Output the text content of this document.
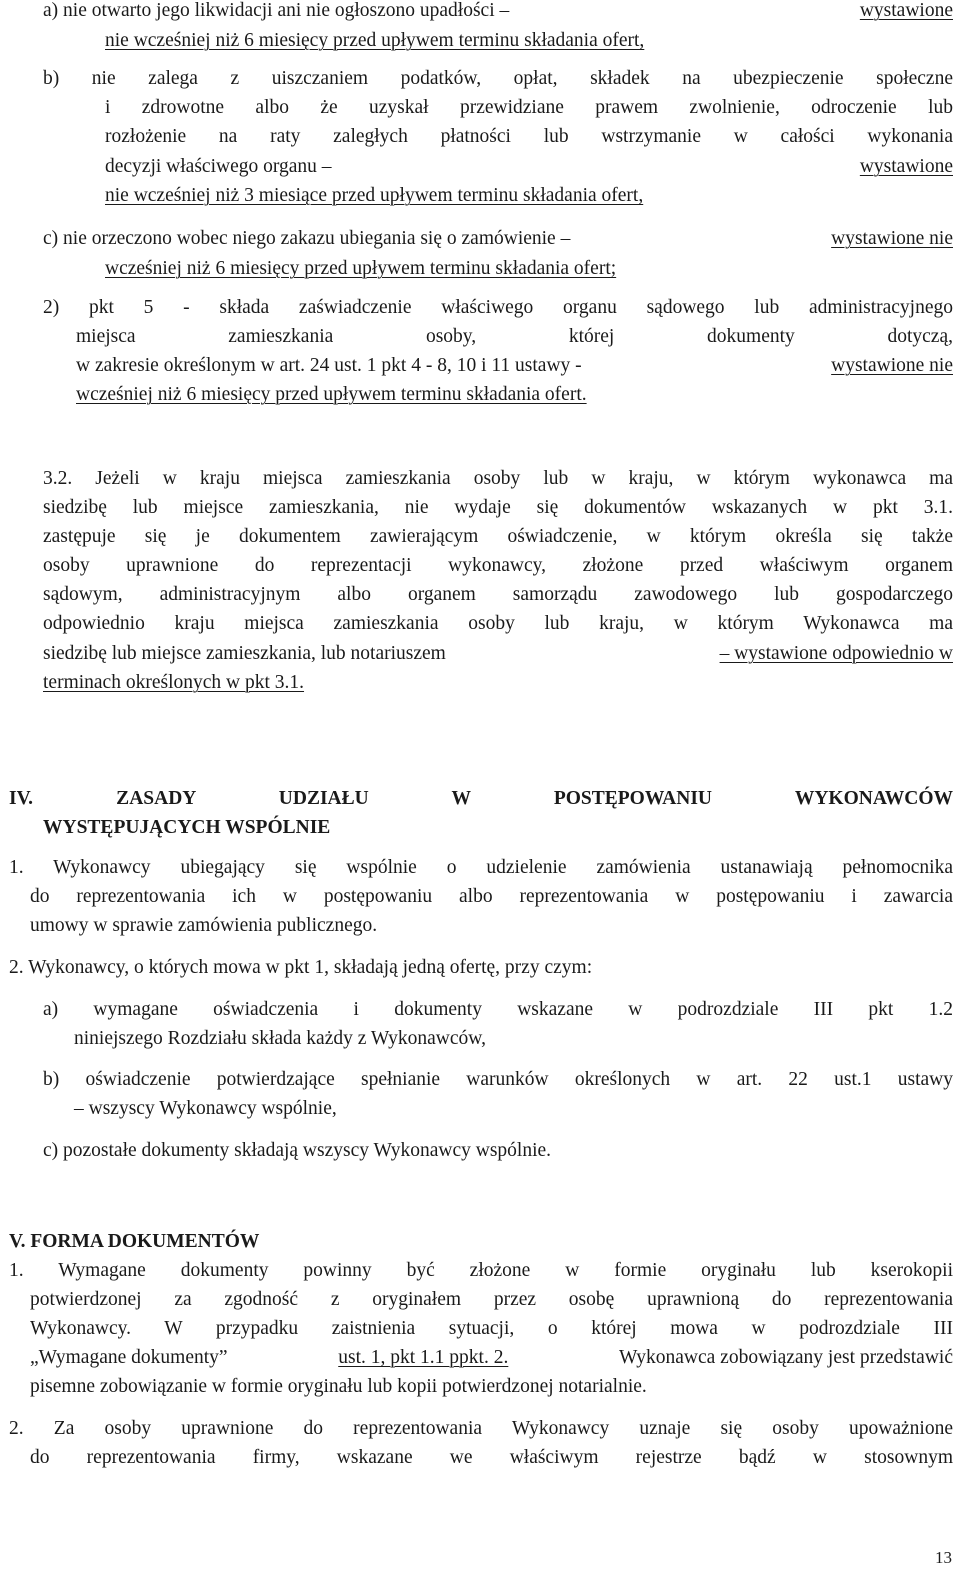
a) nie otwarto jego likwidacji ani nie ogłoszono upadłości –	wystawione
nie wcześniej niż 6 miesięcy przed upływem terminu składania ofert,
b) nie zalega z uiszczaniem podatków, opłat, składek na ubezpieczenie społeczne
i zdrowotne albo że uzyskał przewidziane prawem zwolnienie, odroczenie lub
rozłożenie na raty zaległych płatności lub wstrzymanie w całości wykonania
decyzji właściwego organu –	wystawione
nie wcześniej niż 3 miesiące przed upływem terminu składania ofert,
c) nie orzeczono wobec niego zakazu ubiegania się o zamówienie –	wystawione nie
wcześniej niż 6 miesięcy przed upływem terminu składania ofert;
2) pkt 5 - składa zaświadczenie właściwego organu sądowego lub administracyjnego
miejsca zamieszkania osoby, której dokumenty dotyczą,
w zakresie określonym w art. 24 ust. 1 pkt 4 - 8, 10 i 11 ustawy -	wystawione nie
wcześniej niż 6 miesięcy przed upływem terminu składania ofert.
3.2. Jeżeli w kraju miejsca zamieszkania osoby lub w kraju, w którym wykonawca ma
siedzibę lub miejsce zamieszkania, nie wydaje się dokumentów wskazanych w pkt 3.1.
zastępuje się je dokumentem zawierającym oświadczenie, w którym określa się także
osoby uprawnione do reprezentacji wykonawcy, złożone przed właściwym organem
sądowym, administracyjnym albo organem samorządu zawodowego lub gospodarczego
odpowiednio kraju miejsca zamieszkania osoby lub kraju, w którym Wykonawca ma
siedzibę lub miejsce zamieszkania, lub notariuszem	– wystawione odpowiednio w
terminach określonych w pkt 3.1.
IV. ZASADY UDZIAŁU W POSTĘPOWANIU WYKONAWCÓW
WYSTĘPUJĄCYCH WSPÓLNIE
1. Wykonawcy ubiegający się wspólnie o udzielenie zamówienia ustanawiają pełnomocnika
do reprezentowania ich w postępowaniu albo reprezentowania w postępowaniu i zawarcia
umowy w sprawie zamówienia publicznego.
2. Wykonawcy, o których mowa w pkt 1, składają jedną ofertę, przy czym:
a) wymagane oświadczenia i dokumenty wskazane w podrozdziale III pkt 1.2
niniejszego Rozdziału składa każdy z Wykonawców,
b) oświadczenie potwierdzające spełnianie warunków określonych w art. 22 ust.1 ustawy
– wszyscy Wykonawcy wspólnie,
c) pozostałe dokumenty składają wszyscy Wykonawcy wspólnie.
V. FORMA DOKUMENTÓW
1. Wymagane dokumenty powinny być złożone w formie oryginału lub kserokopii
potwierdzonej za zgodność z oryginałem przez osobę uprawnioną do reprezentowania
Wykonawcy. W przypadku zaistnienia sytuacji, o której mowa w podrozdziale III
„Wymagane dokumenty”	ust. 1, pkt 1.1 ppkt. 2.	Wykonawca zobowiązany jest przedstawić
pisemne zobowiązanie w formie oryginału lub kopii potwierdzonej notarialnie.
2. Za osoby uprawnione do reprezentowania Wykonawcy uznaje się osoby upoważnione
do reprezentowania firmy, wskazane we właściwym rejestrze bądź w stosownym
13
